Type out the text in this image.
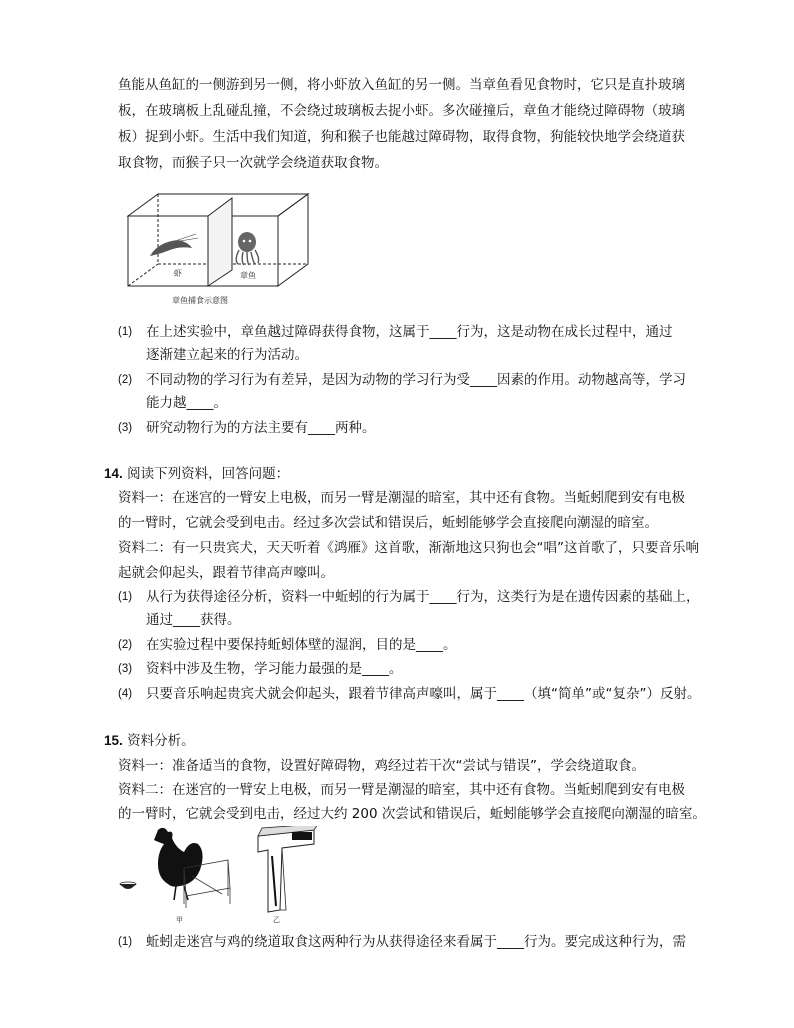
鱼能从鱼缸的一侧游到另一侧，将小虾放入鱼缸的另一侧。当章鱼看见食物时，它只是直扑玻璃
板，在玻璃板上乱碰乱撞，不会绕过玻璃板去捉小虾。多次碰撞后，章鱼才能绕过障碍物（玻璃
板）捉到小虾。生活中我们知道，狗和猴子也能越过障碍物，取得食物，狗能较快地学会绕道获
取食物，而猴子只一次就学会绕道获取食物。
虾	章鱼
章鱼捕食示意图
(1) 在上述实验中，章鱼越过障碍获得食物，这属于____行为，这是动物在成长过程中，通过
逐渐建立起来的行为活动。
(2) 不同动物的学习行为有差异，是因为动物的学习行为受____因素的作用。动物越高等，学习
能力越____。
(3) 研究动物行为的方法主要有____两种。
14. 阅读下列资料，回答问题：
资料一：在迷宫的一臂安上电极，而另一臂是潮湿的暗室，其中还有食物。当蚯蚓爬到安有电极
的一臂时，它就会受到电击。经过多次尝试和错误后，蚯蚓能够学会直接爬向潮湿的暗室。
资料二：有一只贵宾犬，天天听着《鸿雁》这首歌，渐渐地这只狗也会“唱”这首歌了，只要音乐响
起就会仰起头，跟着节律高声嚎叫。
(1) 从行为获得途径分析，资料一中蚯蚓的行为属于____行为，这类行为是在遗传因素的基础上，
通过____获得。
(2) 在实验过程中要保持蚯蚓体壁的湿润，目的是____。
(3) 资料中涉及生物，学习能力最强的是____。
(4) 只要音乐响起贵宾犬就会仰起头，跟着节律高声嚎叫，属于____（填“简单”或“复杂”）反射。
15. 资料分析。
资料一：准备适当的食物，设置好障碍物，鸡经过若干次“尝试与错误”，学会绕道取食。
资料二：在迷宫的一臂安上电极，而另一臂是潮湿的暗室，其中还有食物。当蚯蚓爬到安有电极
的一臂时，它就会受到电击，经过大约 200 次尝试和错误后，蚯蚓能够学会直接爬向潮湿的暗室。
甲	乙
(1) 蚯蚓走迷宫与鸡的绕道取食这两种行为从获得途径来看属于____行为。要完成这种行为，需
